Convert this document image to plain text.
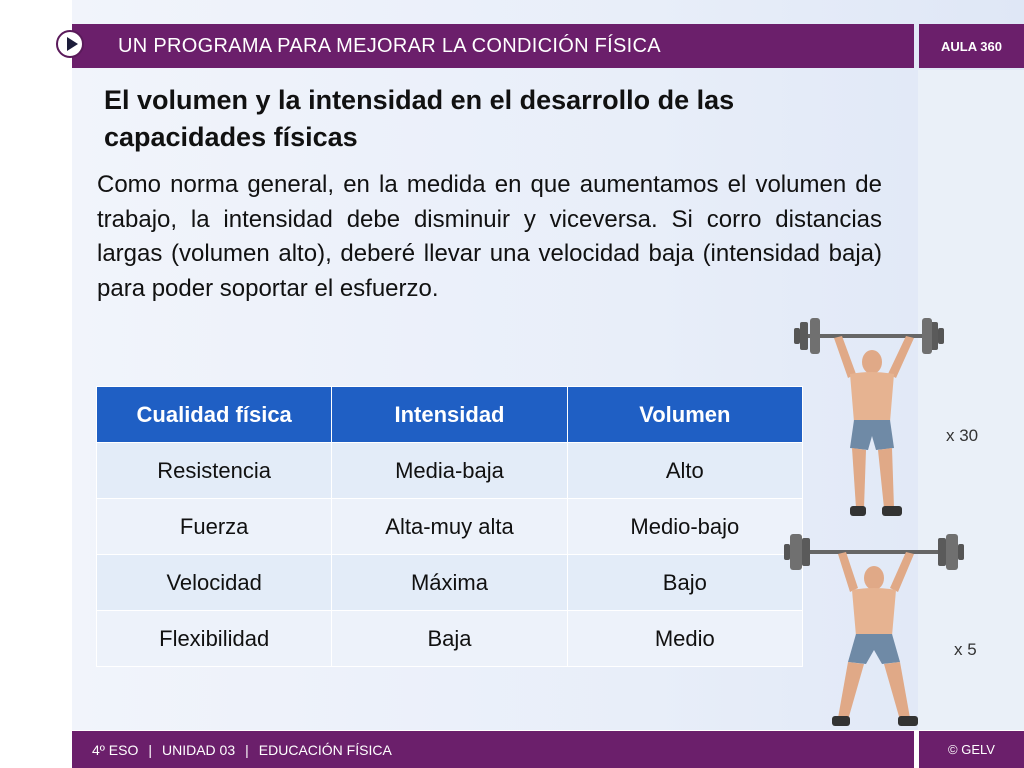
UN PROGRAMA PARA MEJORAR LA CONDICIÓN FÍSICA	AULA 360
El volumen y la intensidad en el desarrollo de las capacidades físicas

Como norma general, en la medida en que aumentamos el volumen de trabajo, la intensidad debe disminuir y viceversa. Si corro distancias largas (volumen alto), deberé llevar una velocidad baja (intensidad baja) para poder soportar el esfuerzo.

Cualidad física	Intensidad	Volumen
Resistencia	Media-baja	Alto
Fuerza	Alta-muy alta	Medio-bajo
Velocidad	Máxima	Bajo
Flexibilidad	Baja	Medio
x 30
x 5
4º ESO | UNIDAD 03 | EDUCACIÓN FÍSICA	© GELV
